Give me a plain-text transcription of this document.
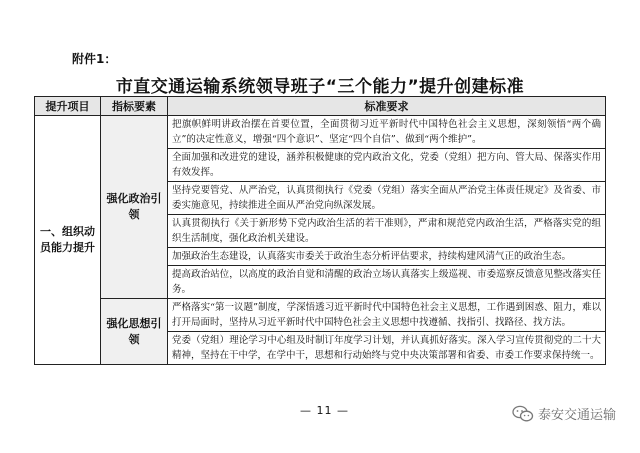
附件1：
市直交通运输系统领导班子“三个能力”提升创建标准
提升项目	指标要素	标准要求
一、组织动员能力提升	强化政治引领	把旗帜鲜明讲政治摆在首要位置，全面贯彻习近平新时代中国特色社会主义思想，深刻领悟“两个确立”的决定性意义，增强“四个意识”、坚定“四个自信”、做到“两个维护”。
		全面加强和改进党的建设，涵养积极健康的党内政治文化，党委（党组）把方向、管大局、保落实作用有效发挥。
		坚持党要管党、从严治党，认真贯彻执行《党委（党组）落实全面从严治党主体责任规定》及省委、市委实施意见，持续推进全面从严治党向纵深发展。
		认真贯彻执行《关于新形势下党内政治生活的若干准则》，严肃和规范党内政治生活，严格落实党的组织生活制度，强化政治机关建设。
		加强政治生态建设，认真落实市委关于政治生态分析评估要求，持续构建风清气正的政治生态。
		提高政治站位，以高度的政治自觉和清醒的政治立场认真落实上级巡视、市委巡察反馈意见整改落实任务。
	强化思想引领	严格落实“第一议题”制度，学深悟透习近平新时代中国特色社会主义思想，工作遇到困惑、阻力，难以打开局面时，坚持从习近平新时代中国特色社会主义思想中找遵循、找指引、找路径、找方法。
		党委（党组）理论学习中心组及时制订年度学习计划，并认真抓好落实。深入学习宣传贯彻党的二十大精神，坚持在干中学，在学中干，思想和行动始终与党中央决策部署和省委、市委工作要求保持统一。
— 11 —	泰安交通运输
